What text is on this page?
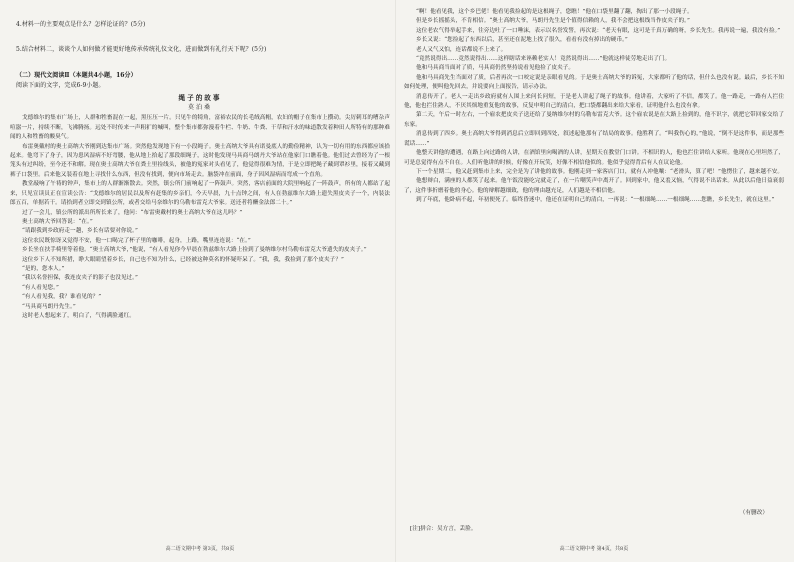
4.材料一的主要观点是什么？怎样论证的？(5分)
5.结合材料二，谈谈个人如何做才能更好地传承传统礼仪文化，进而做到有礼行天下呢？(5分)
（二）现代文阅读Ⅱ（本题共4小题，16分）
阅读下面的文字，完成6-9小题。
绳子的故事
莫泊桑

戈德维尔的集市广场上，人群和牲畜混在一起，黑压压一片。只见牛的犄角，富裕农民的长毛绒高帽，农妇的帽子在集市上攒动。尖厉刺耳的嘈杂声喧嚣一片，持续不断，飞沸腾扬。远处不时传来一声粗犷的喊叫，整个集市都弥漫着牛栏、牛奶、牛粪、干草和汗水的味道散发着种田人所特有的那种难闻的人和牲畜的酸臭气。

布雷奥戴村的奥士高纳大爷刚到达集市广场。突然他发现地下有一小段绳子。奥士高纳大爷具有诺曼底人的勤俭精神，认为一切有用的东西都应该拾起来。他弯下了身子，因为患风湿病不好弯腰，他从地上拾起了那段细绳子，这时他发现马具商马朗丹大爷站在他家门口瞧着他。他们过去曾经为了一根笼头有过纠纷，至今还不和解。现在奥士高纳大爷在粪土里捡线头，被他的冤家对头看见了，他觉得很难为情，于是立即把绳子藏到罩衫里，接着又藏到裤子口袋里。后来他又装着在地上寻找什么东西，但没有找到，便向市场走去。脑袋冲在前面，身子因风湿病而弯成一个直角。

教堂敲响了午祷的钟声，集市上的人群渐渐散去。突然，镇公所门前响起了一阵鼓声。突然，客店前面的大院里响起了一阵鼓声，所有的人都站了起来，只见宣读员正在宣读公告：“戈德维尔的居民以及所有赶集的乡亲们，今天早晨，九十点钟之间，有人在勃兹维尔大路上遗失黑皮夹子一个，内装法郎五百，单据若干。请拾到者立即交到镇公所，或者交给马奈维尔的乌勒布雷克大爷家。送还者将酬金法郎二十。”

过了一会儿，镇公所的派出所所长来了，他问：“布雷奥戴村的奥士高纳大爷在这儿吗？”

奥士高纳大爷回答说：“在。”

“请跟我到乡政府走一趟，乡长有话要对你说。”

这位农民既惊讶又觉得不安，他一口喝完了杯子里的咖啡，起身，上路，嘴里连连说：“在。”

乡长坐在扶手椅里等着他。“奥士高纳大爷，”他说，“有人看见你今早晨在勃兹维尔大路上捡到了曼纳维尔村乌勒布雷克大爷遗失的皮夹子。”

这位乡下人不知所措，睁大眼睛望着乡长，自己也不知为什么，已经被这种莫名的怀疑吓呆了。“我，我，我捡到了那个皮夹子？”

“是的，您本人。”

“我以名誉担保，我连皮夹子的影子也没见过。”

“有人看见您。”

“有人看见我，我？谁看见的？”

“马具商马朗丹先生。”

这时老人想起来了，明白了，气得满脸通红。

高二语文期中考 第3页，共8页

“啊！他看见我，这个乡巴佬！他看见我捡起的是这根绳子，您瞧！”他在口袋里翻了翻，掏出了那一小段绳子。

但是乡长摇摇头，不肯相信。“奥士高纳大爷，马朗丹先生是个值得信赖的人，我不会把这根线当作皮夹子的。”

这位老农气得举起手来，往旁边吐了一口唾沫，表示以名誉发誓，再次说：“老天有眼，这可是千真万确的呀，乡长先生。我再说一遍，我没有捡。”

乡长又说：“您捡起了东西以后，甚至还在泥地上找了很久，看看有没有掉出的硬币。”

老人又气又怕，连话都说不上来了。

“竟然说得出……竟然说得出……这样瞎话来诬赖老实人！竟然说得出……”他就这样徒劳地走出了门。

他和马具商当面对了质，马具商仍然坚持说看见他捡了皮夹子。

他和马具商先生当面对了质，后者再次一口咬定说是亲眼看见的。于是奥士高纳大爷的诉冤，大家都听了他的话，但什么也没有说。最后，乡长不知如何处理，便叫他先回去，并说要向上面报告，请示办法。

消息传开了。老人一走出乡政府就有人围上来问长问短，于是老人讲起了绳子的故事。他讲着，大家听了不信，都笑了。他一路走，一路有人拦住他，他也拦住熟人，不厌其烦地重复他的故事，反复申明自己的清白，把口袋都翻出来给大家看，证明他什么也没有拿。

第二天，午后一时左右，一个雇农把皮夹子送还给了曼纳维尔村的乌勒布雷克大爷。这个雇农说是在大路上捡到的，他不识字，就把它带回家交给了东家。

消息传到了四乡。奥士高纳大爷得到消息后立即回到四处，叙述起他那有了结局的故事。他胜利了。“叫我伤心的，”他说，“倒不是这件事，而是那些谎话……”

他整天讲他的遭遇，在路上向过路的人讲，在酒馆里向喝酒的人讲，星期天在教堂门口讲。不相识的人，他也拦住讲给人家听。他现在心里坦然了，可是总觉得有点不自在。人们听他讲的时候，好像在开玩笑，好像不相信他似的。他似乎觉得背后有人在议论他。

下一个星期二，他又赶到集市上来，完全是为了讲他的故事。他刚走到一家客店门口，就有人冲他嚷：“老滑头，算了吧！”他愣住了，越来越不安。

他想辩白，满座的人都笑了起来。他午饭没能吃完就走了，在一片嘲笑声中离开了。回到家中，他又羞又恼，气得说不出话来。从此以后他日益衰弱了，这件事折磨着他的身心。他的辩解越细致，他的理由越充足，人们越是不相信他。

到了年底，他卧病不起，年初便死了。临终昏迷中，他还在证明自己的清白，一再说：“一根细绳……一根细绳……您瞧，乡长先生，就在这里。”

（有删改）
[注]拼合：吴方言，丢脸。
高二语文期中考 第4页，共8页
